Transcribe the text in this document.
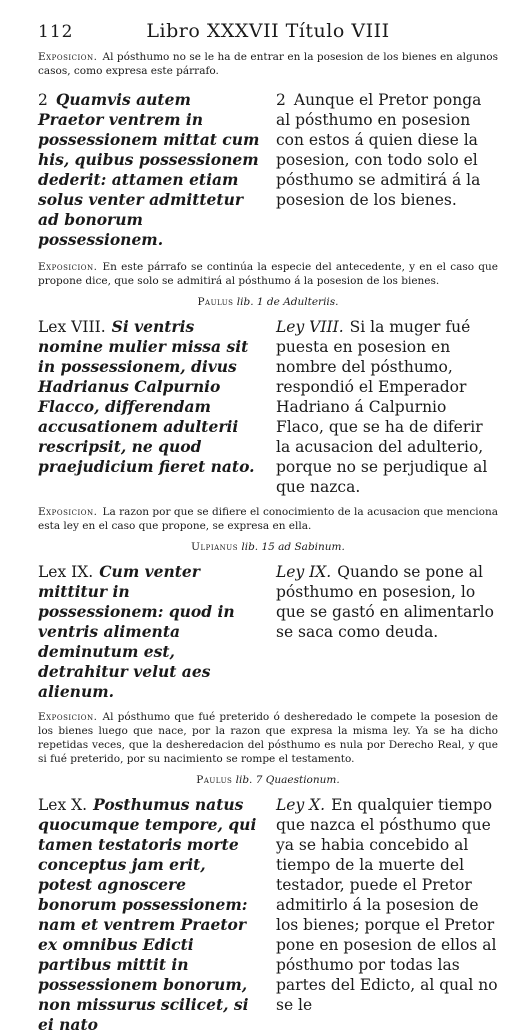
112	Libro XXXVII Título VIII

Exposicion. Al pósthumo no se le ha de entrar en la posesion de los bienes en algunos casos, como expresa este párrafo.

2 Quamvis autem Praetor ventrem in possessionem mittat cum his, quibus possessionem dederit: attamen etiam solus venter admittetur ad bonorum possessionem.

2 Aunque el Pretor ponga al pósthumo en posesion con estos á quien diese la posesion, con todo solo el pósthumo se admitirá á la posesion de los bienes.

Exposicion. En este párrafo se continúa la especie del antecedente, y en el caso que propone dice, que solo se admitirá al pósthumo á la posesion de los bienes.

Paulus lib. 1 de Adulteriis.

Lex VIII. Si ventris nomine mulier missa sit in possessionem, divus Hadrianus Calpurnio Flacco, differendam accusationem adulterii rescripsit, ne quod praejudicium fieret nato.

Ley VIII. Si la muger fué puesta en posesion en nombre del pósthumo, respondió el Emperador Hadriano á Calpurnio Flaco, que se ha de diferir la acusacion del adulterio, porque no se perjudique al que nazca.

Exposicion. La razon por que se difiere el conocimiento de la acusacion que menciona esta ley en el caso que propone, se expresa en ella.

Ulpianus lib. 15 ad Sabinum.

Lex IX. Cum venter mittitur in possessionem: quod in ventris alimenta deminutum est, detrahitur velut aes alienum.

Ley IX. Quando se pone al pósthumo en posesion, lo que se gastó en alimentarlo se saca como deuda.

Exposicion. Al pósthumo que fué preterido ó desheredado le compete la posesion de los bienes luego que nace, por la razon que expresa la misma ley. Ya se ha dicho repetidas veces, que la desheredacion del pósthumo es nula por Derecho Real, y que si fué preterido, por su nacimiento se rompe el testamento.

Paulus lib. 7 Quaestionum.

Lex X. Posthumus natus quocumque tempore, qui tamen testatoris morte conceptus jam erit, potest agnoscere bonorum possessionem: nam et ventrem Praetor ex omnibus Edicti partibus mittit in possessionem bonorum, non missurus scilicet, si ei nato

Ley X. En qualquier tiempo que nazca el pósthumo que ya se habia concebido al tiempo de la muerte del testador, puede el Pretor admitirlo á la posesion de los bienes; porque el Pretor pone en posesion de ellos al pósthumo por todas las partes del Edicto, al qual no se le
